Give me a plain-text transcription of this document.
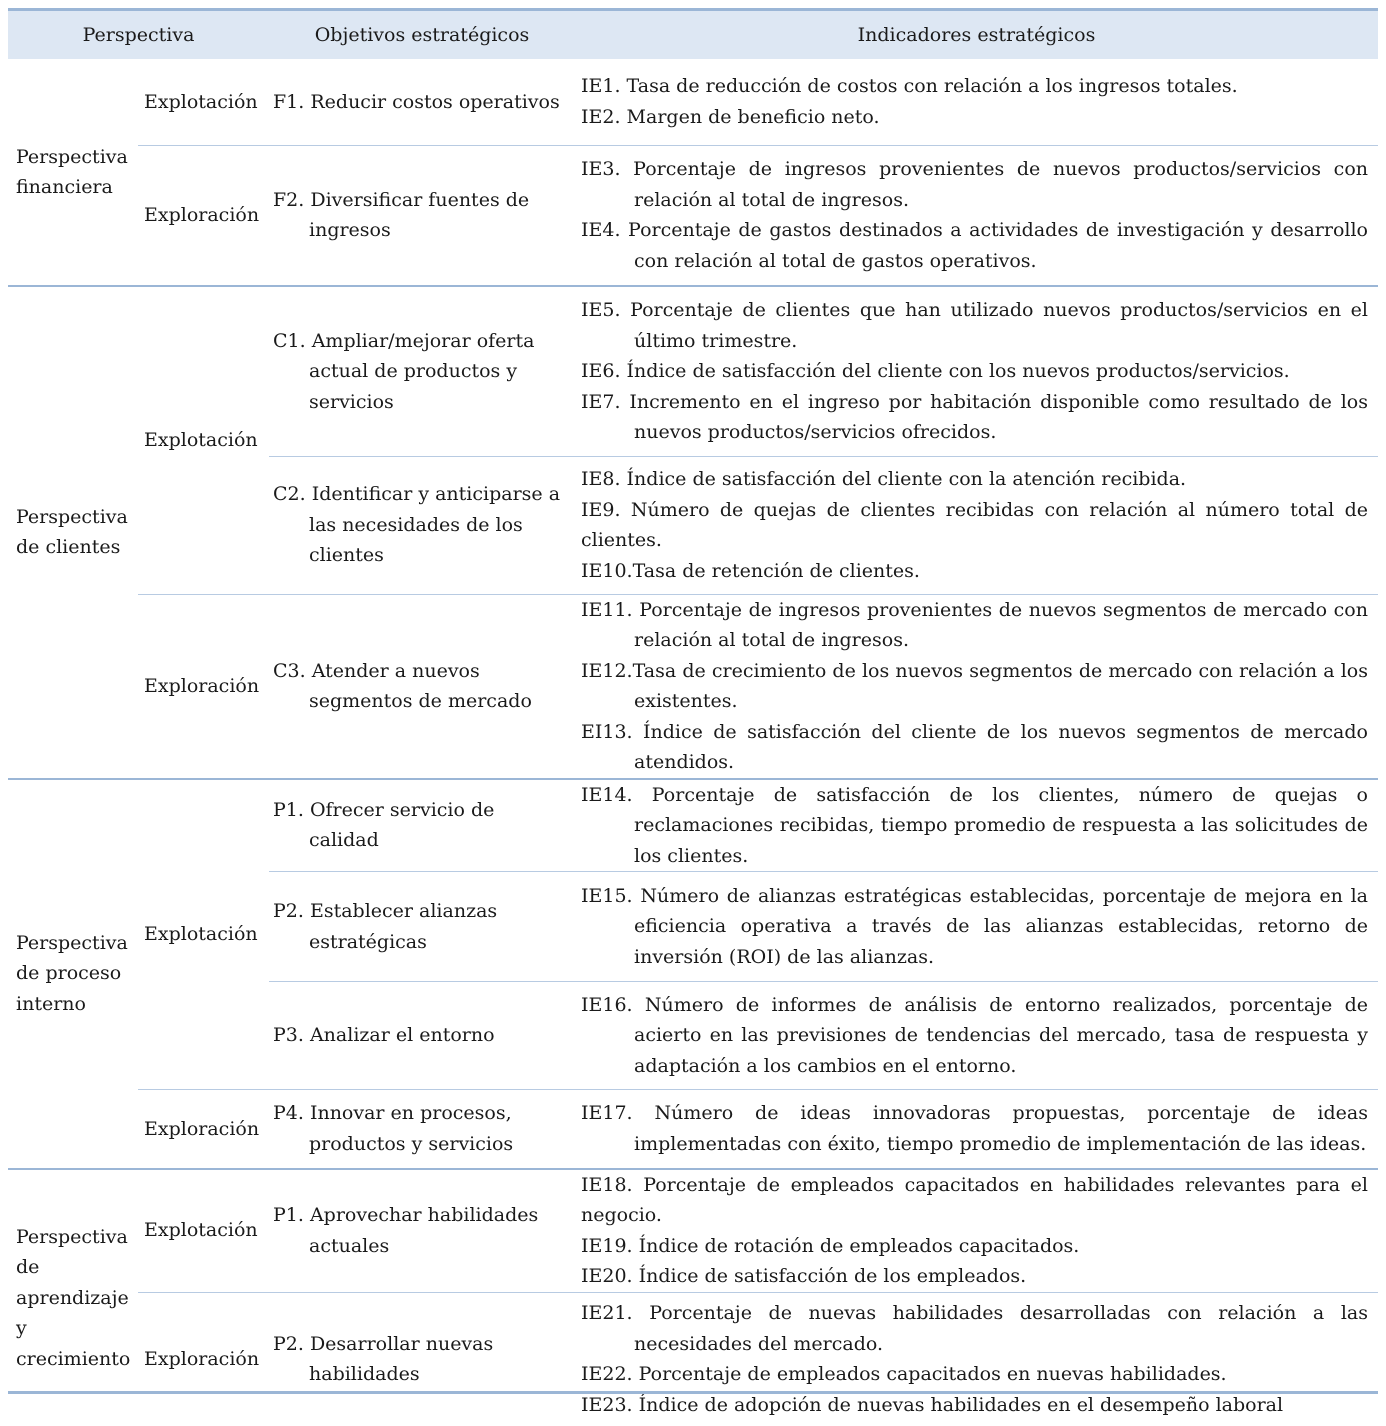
Perspectiva		Objetivos estratégicos	Indicadores estratégicos
Perspectiva financiera	Explotación	F1. Reducir costos operativos	IE1. Tasa de reducción de costos con relación a los ingresos totales.

IE2. Margen de beneficio neto.

	Exploración	F2. Diversificar fuentes de ingresos	IE3. Porcentaje de ingresos provenientes de nuevos productos/servicios con relación al total de ingresos.

IE4. Porcentaje de gastos destinados a actividades de investigación y desarrollo con relación al total de gastos operativos.

Perspectiva de clientes	Explotación	C1. Ampliar/mejorar oferta actual de productos y servicios	IE5. Porcentaje de clientes que han utilizado nuevos productos/servicios en el último trimestre.

IE6. Índice de satisfacción del cliente con los nuevos productos/servicios.

IE7. Incremento en el ingreso por habitación disponible como resultado de los nuevos productos/servicios ofrecidos.

		C2. Identificar y anticiparse a las necesidades de los clientes	IE8. Índice de satisfacción del cliente con la atención recibida.

IE9. Número de quejas de clientes recibidas con relación al número total de clientes.

IE10.Tasa de retención de clientes.

	Exploración	C3. Atender a nuevos segmentos de mercado	IE11. Porcentaje de ingresos provenientes de nuevos segmentos de mercado con relación al total de ingresos.

IE12.Tasa de crecimiento de los nuevos segmentos de mercado con relación a los existentes.

EI13. Índice de satisfacción del cliente de los nuevos segmentos de mercado atendidos.

Perspectiva de proceso interno	Explotación	P1. Ofrecer servicio de calidad	IE14. Porcentaje de satisfacción de los clientes, número de quejas o reclamaciones recibidas, tiempo promedio de respuesta a las solicitudes de los clientes.

		P2. Establecer alianzas estratégicas	IE15. Número de alianzas estratégicas establecidas, porcentaje de mejora en la eficiencia operativa a través de las alianzas establecidas, retorno de inversión (ROI) de las alianzas.

		P3. Analizar el entorno	IE16. Número de informes de análisis de entorno realizados, porcentaje de acierto en las previsiones de tendencias del mercado, tasa de respuesta y adaptación a los cambios en el entorno.

	Exploración	P4. Innovar en procesos, productos y servicios	IE17. Número de ideas innovadoras propuestas, porcentaje de ideas implementadas con éxito, tiempo promedio de implementación de las ideas.

Perspectiva de aprendizaje y crecimiento	Explotación	P1. Aprovechar habilidades actuales	IE18. Porcentaje de empleados capacitados en habilidades relevantes para el negocio.

IE19. Índice de rotación de empleados capacitados.

IE20. Índice de satisfacción de los empleados.

	Exploración	P2. Desarrollar nuevas habilidades	IE21. Porcentaje de nuevas habilidades desarrolladas con relación a las necesidades del mercado.

IE22. Porcentaje de empleados capacitados en nuevas habilidades.

IE23. Índice de adopción de nuevas habilidades en el desempeño laboral
